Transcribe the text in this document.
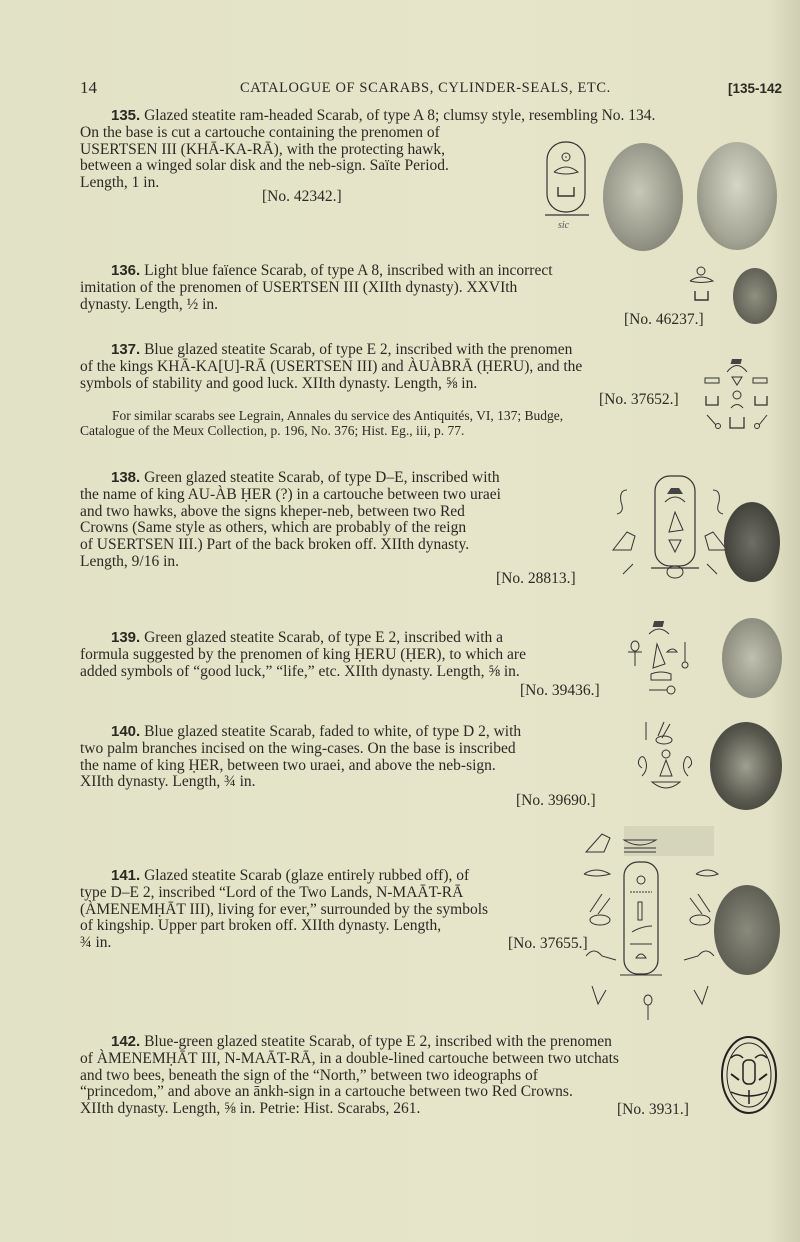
14	CATALOGUE OF SCARABS, CYLINDER-SEALS, ETC.	[135-142

135. Glazed steatite ram-headed Scarab, of type A 8; clumsy style, resembling No. 134.

On the base is cut a cartouche containing the prenomen of

USERTSEN III (KHĀ-KA-RĀ), with the protecting hawk,

between a winged solar disk and the neb-sign. Saïte Period.

Length, 1 in.

[No. 42342.]
sic

136. Light blue faïence Scarab, of type A 8, inscribed with an incorrect

imitation of the prenomen of USERTSEN III (XIIth dynasty). XXVIth

dynasty. Length, ½ in.

[No. 46237.]

137. Blue glazed steatite Scarab, of type E 2, inscribed with the prenomen

of the kings KHĀ-KA[U]-RĀ (USERTSEN III) and ÀUÀBRĀ (ḤERU), and the

symbols of stability and good luck. XIIth dynasty. Length, ⅝ in.

[No. 37652.]

For similar scarabs see Legrain, Annales du service des Antiquités, VI, 137; Budge,

Catalogue of the Meux Collection, p. 196, No. 376; Hist. Eg., iii, p. 77.

138. Green glazed steatite Scarab, of type D–E, inscribed with

the name of king AU-ÀB ḤER (?) in a cartouche between two uraei

and two hawks, above the signs kheper-neb, between two Red

Crowns (Same style as others, which are probably of the reign

of USERTSEN III.) Part of the back broken off. XIIth dynasty.

Length, 9/16 in.

[No. 28813.]

139. Green glazed steatite Scarab, of type E 2, inscribed with a

formula suggested by the prenomen of king ḤERU (ḤER), to which are

added symbols of “good luck,” “life,” etc. XIIth dynasty. Length, ⅝ in.

[No. 39436.]

140. Blue glazed steatite Scarab, faded to white, of type D 2, with

two palm branches incised on the wing-cases. On the base is inscribed

the name of king ḤER, between two uraei, and above the neb-sign.

XIIth dynasty. Length, ¾ in.

[No. 39690.]

141. Glazed steatite Scarab (glaze entirely rubbed off), of

type D–E 2, inscribed “Lord of the Two Lands, N-MAĀT-RĀ

(ÀMENEMḤĀT III), living for ever,” surrounded by the symbols

of kingship. Upper part broken off. XIIth dynasty. Length,

¾ in.	[No. 37655.]

142. Blue-green glazed steatite Scarab, of type E 2, inscribed with the prenomen

of ÀMENEMḤĀT III, N-MAĀT-RĀ, in a double-lined cartouche between two utchats

and two bees, beneath the sign of the “North,” between two ideographs of

“princedom,” and above an ānkh-sign in a cartouche between two Red Crowns.

XIIth dynasty. Length, ⅝ in. Petrie: Hist. Scarabs, 261.	[No. 3931.]
